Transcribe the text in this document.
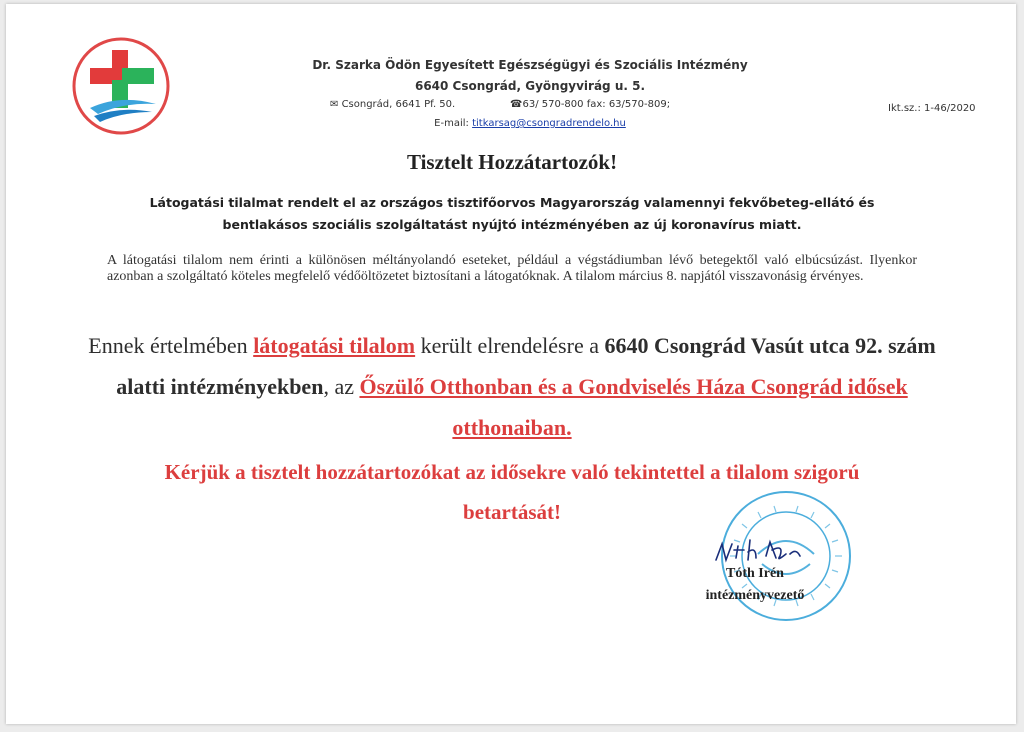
Dr. Szarka Ödön Egyesített Egészségügyi és Szociális Intézmény
6640 Csongrád, Gyöngyvirág u. 5.
✉ Csongrád, 6641 Pf. 50.	☎63/ 570-800 fax: 63/570-809;
E-mail: titkarsag@csongradrendelo.hu
Ikt.sz.: 1-46/2020
Tisztelt Hozzátartozók!
Látogatási tilalmat rendelt el az országos tisztifőorvos Magyarország valamennyi fekvőbeteg-ellátó és bentlakásos szociális szolgáltatást nyújtó intézményében az új koronavírus miatt.
A látogatási tilalom nem érinti a különösen méltányolandó eseteket, például a végstádiumban lévő betegektől való elbúcsúzást. Ilyenkor azonban a szolgáltató köteles megfelelő védőöltözetet biztosítani a látogatóknak. A tilalom március 8. napjától visszavonásig érvényes.
Ennek értelmében látogatási tilalom került elrendelésre a 6640 Csongrád Vasút utca 92. szám alatti intézményekben, az Őszülő Otthonban és a Gondviselés Háza Csongrád idősek otthonaiban.
Kérjük a tisztelt hozzátartozókat az idősekre való tekintettel a tilalom szigorú betartását!
Tóth Irén
intézményvezető
